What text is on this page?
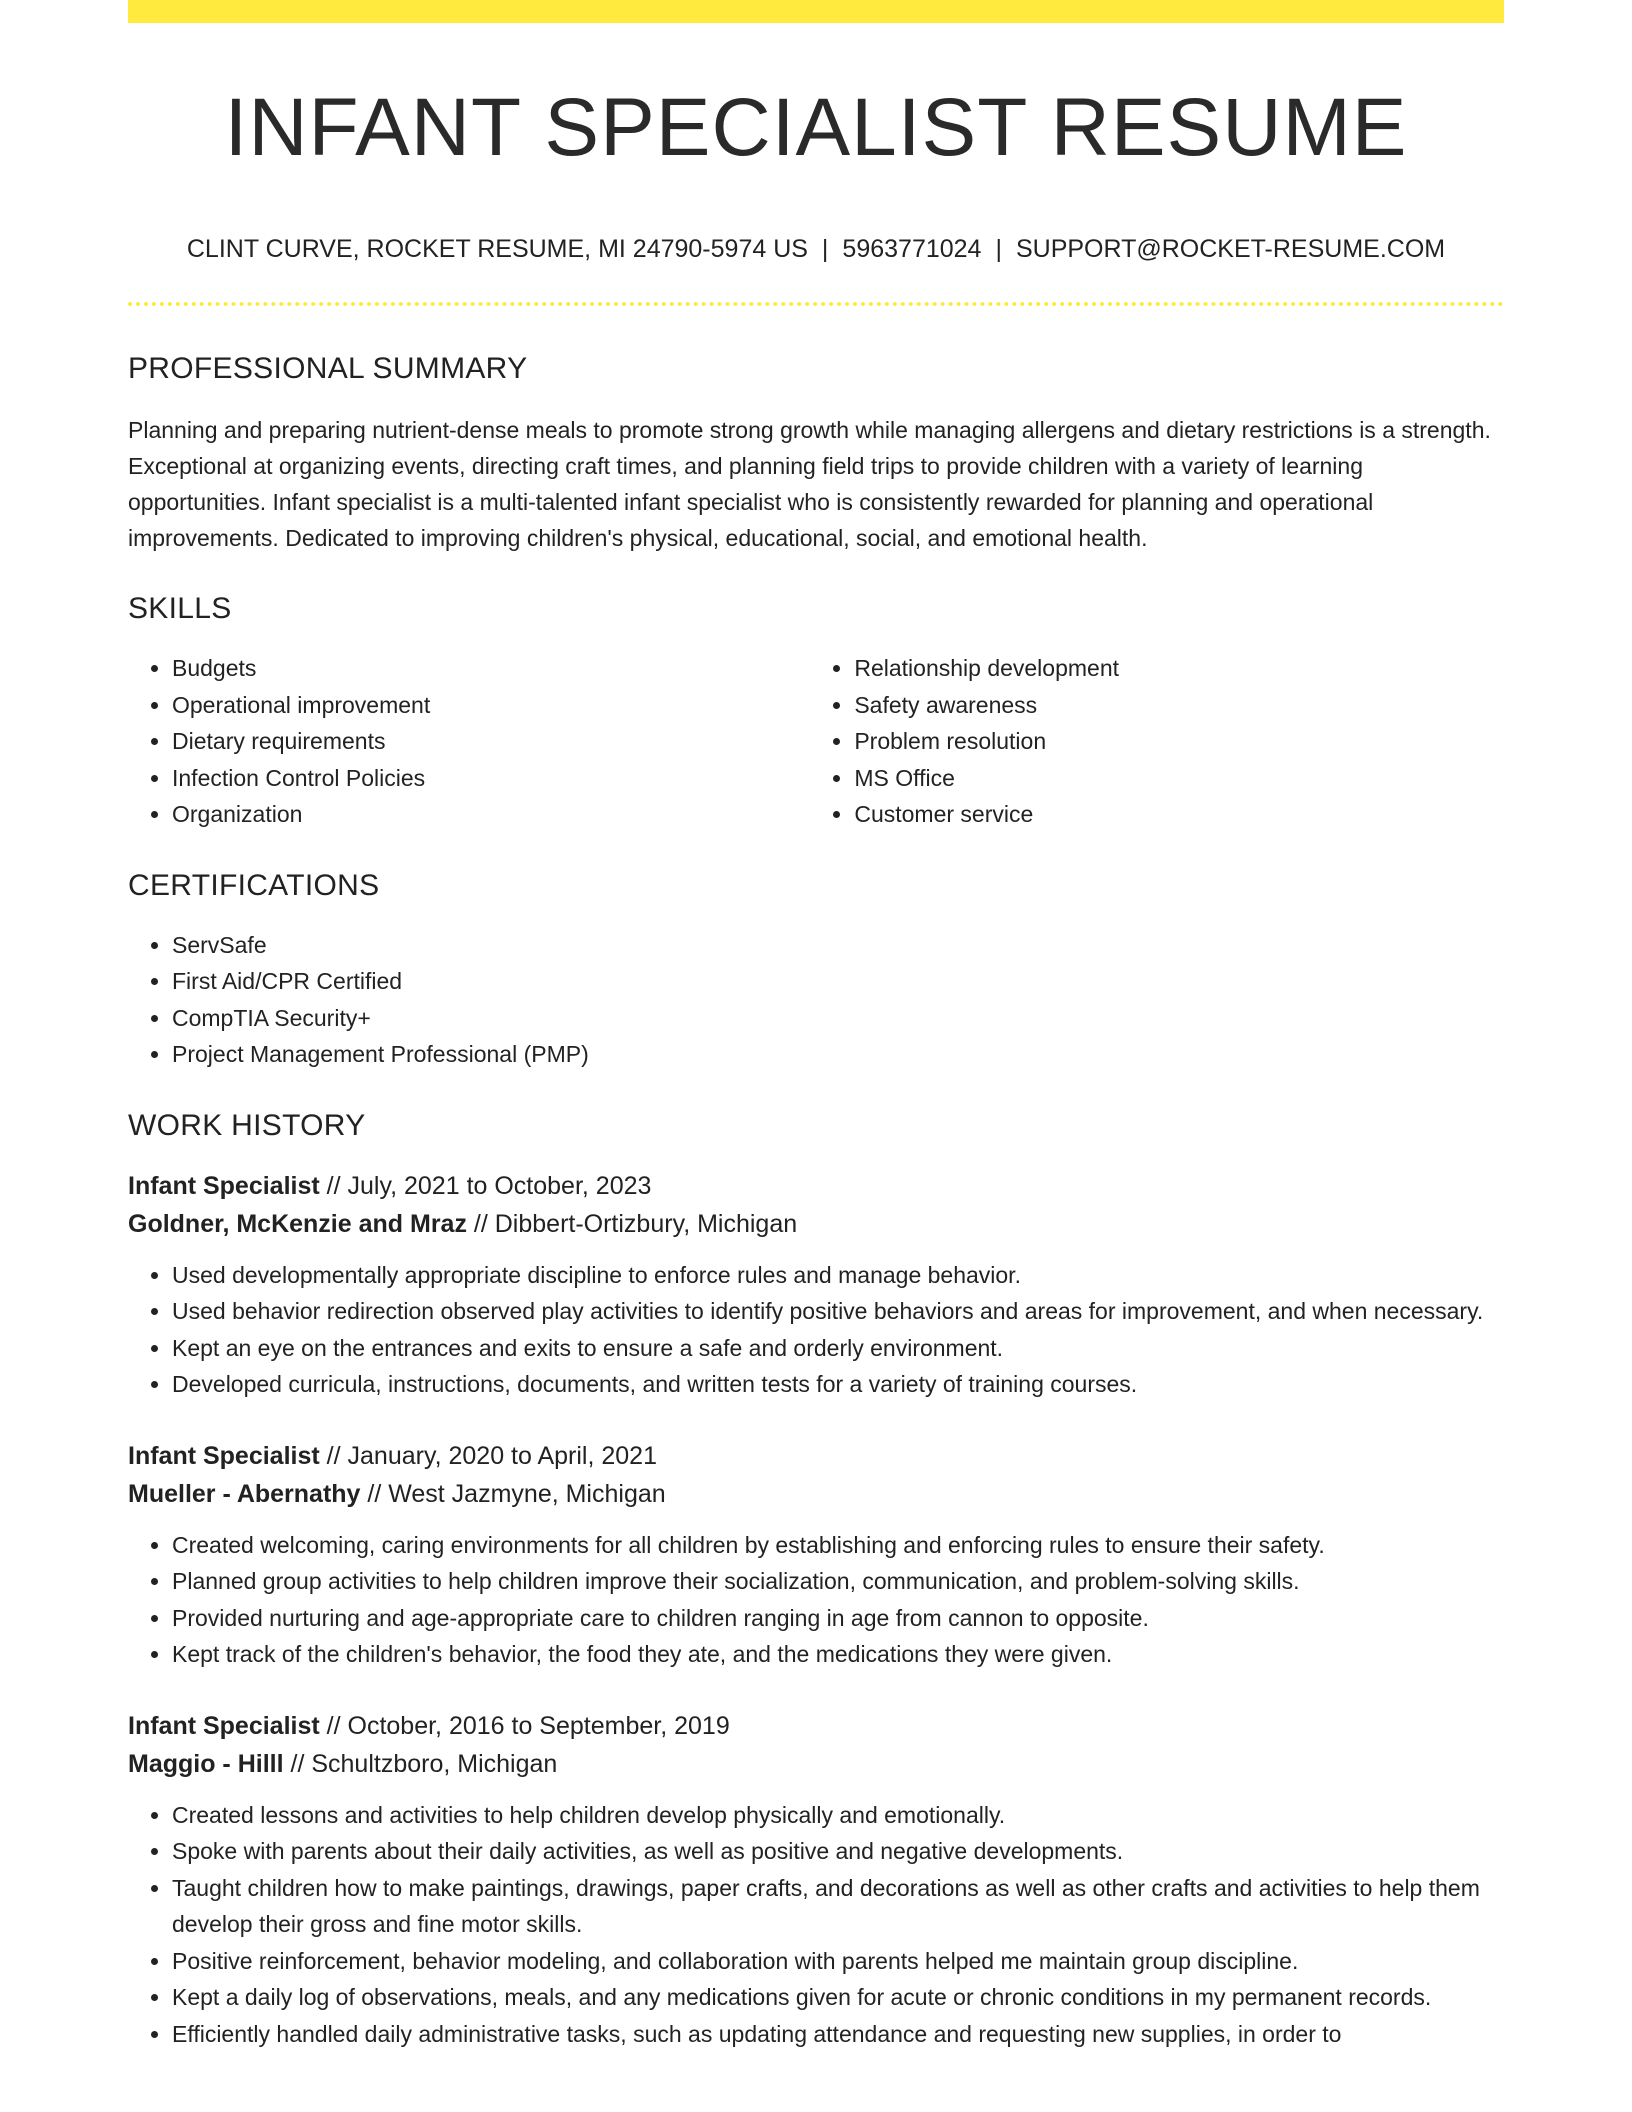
INFANT SPECIALIST RESUME
CLINT CURVE, ROCKET RESUME, MI 24790-5974 US | 5963771024 | SUPPORT@ROCKET-RESUME.COM
PROFESSIONAL SUMMARY

Planning and preparing nutrient-dense meals to promote strong growth while managing allergens and dietary restrictions is a strength. Exceptional at organizing events, directing craft times, and planning field trips to provide children with a variety of learning opportunities. Infant specialist is a multi-talented infant specialist who is consistently rewarded for planning and operational improvements. Dedicated to improving children's physical, educational, social, and emotional health.

SKILLS
• Budgets
• Operational improvement
• Dietary requirements
• Infection Control Policies
• Organization
• Relationship development
• Safety awareness
• Problem resolution
• MS Office
• Customer service
CERTIFICATIONS
• ServSafe
• First Aid/CPR Certified
• CompTIA Security+
• Project Management Professional (PMP)
WORK HISTORY
Infant Specialist // July, 2021 to October, 2023
Goldner, McKenzie and Mraz // Dibbert-Ortizbury, Michigan
• Used developmentally appropriate discipline to enforce rules and manage behavior.
• Used behavior redirection observed play activities to identify positive behaviors and areas for improvement, and when necessary.
• Kept an eye on the entrances and exits to ensure a safe and orderly environment.
• Developed curricula, instructions, documents, and written tests for a variety of training courses.
Infant Specialist // January, 2020 to April, 2021
Mueller - Abernathy // West Jazmyne, Michigan
• Created welcoming, caring environments for all children by establishing and enforcing rules to ensure their safety.
• Planned group activities to help children improve their socialization, communication, and problem-solving skills.
• Provided nurturing and age-appropriate care to children ranging in age from cannon to opposite.
• Kept track of the children's behavior, the food they ate, and the medications they were given.
Infant Specialist // October, 2016 to September, 2019
Maggio - Hilll // Schultzboro, Michigan
• Created lessons and activities to help children develop physically and emotionally.
• Spoke with parents about their daily activities, as well as positive and negative developments.
• Taught children how to make paintings, drawings, paper crafts, and decorations as well as other crafts and activities to help them develop their gross and fine motor skills.
• Positive reinforcement, behavior modeling, and collaboration with parents helped me maintain group discipline.
• Kept a daily log of observations, meals, and any medications given for acute or chronic conditions in my permanent records.
• Efficiently handled daily administrative tasks, such as updating attendance and requesting new supplies, in order to
